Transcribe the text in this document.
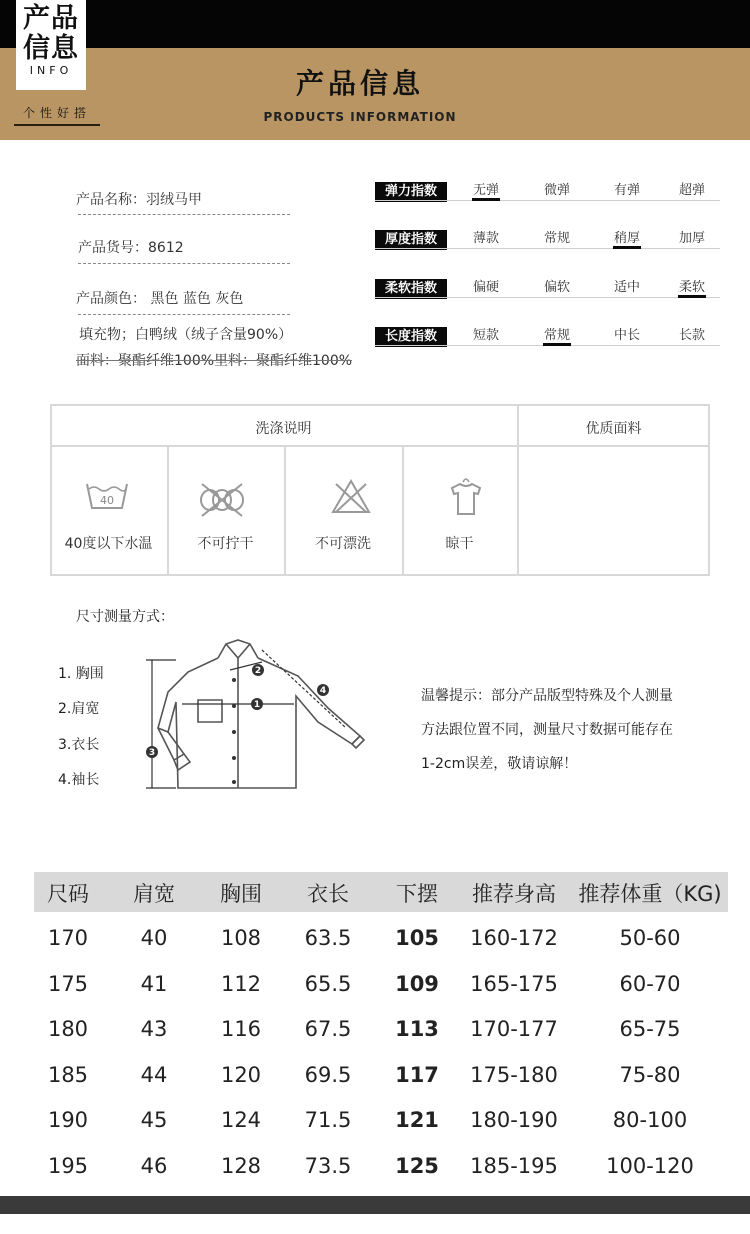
产品
信息
INFO
个性好搭
产品信息
PRODUCTS INFORMATION
产品名称：羽绒马甲
产品货号：8612
产品颜色： 黑色 蓝色 灰色
填充物；白鸭绒（绒子含量90%）
面料：聚酯纤维100%里料：聚酯纤维100%
弹力指数	无弹	微弹	有弹	超弹
厚度指数	薄款	常规	稍厚	加厚
柔软指数	偏硬	偏软	适中	柔软
长度指数	短款	常规	中长	长款
洗涤说明	优质面料
40
40度以下水温	不可拧干	不可漂洗	晾干
尺寸测量方式：
1. 胸围
2.肩宽
3.衣长
4.袖长
1
2
3
4	温馨提示：部分产品版型特殊及个人测量
方法跟位置不同，测量尺寸数据可能存在
1-2cm误差，敬请谅解！
尺码	肩宽	胸围	衣长	下摆	推荐身高	推荐体重（KG)
170	40	108	63.5	105	160-172	50-60
175	41	112	65.5	109	165-175	60-70
180	43	116	67.5	113	170-177	65-75
185	44	120	69.5	117	175-180	75-80
190	45	124	71.5	121	180-190	80-100
195	46	128	73.5	125	185-195	100-120
